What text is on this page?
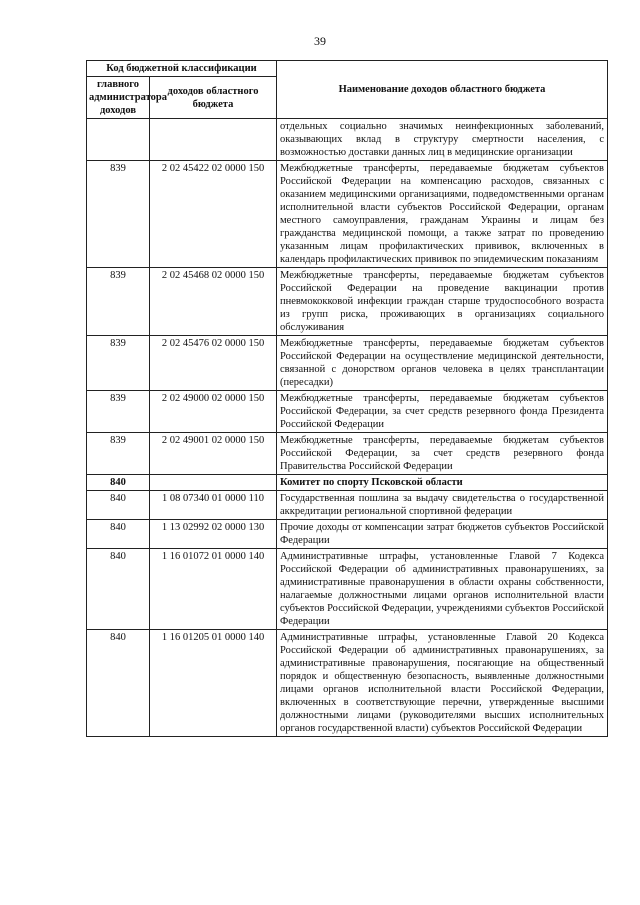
39
Код бюджетной классификации		Наименование доходов областного бюджета
главного администратора доходов	доходов областного бюджета	
		отдельных социально значимых неинфекционных заболеваний, оказывающих вклад в структуру смертности населения, с возможностью доставки данных лиц в медицинские организации
839	2 02 45422 02 0000 150	Межбюджетные трансферты, передаваемые бюджетам субъектов Российской Федерации на компенсацию расходов, связанных с оказанием медицинскими организациями, подведомственными органам исполнительной власти субъектов Российской Федерации, органам местного самоуправления, гражданам Украины и лицам без гражданства медицинской помощи, а также затрат по проведению указанным лицам профилактических прививок, включенных в календарь профилактических прививок по эпидемическим показаниям
839	2 02 45468 02 0000 150	Межбюджетные трансферты, передаваемые бюджетам субъектов Российской Федерации на проведение вакцинации против пневмококковой инфекции граждан старше трудоспособного возраста из групп риска, проживающих в организациях социального обслуживания
839	2 02 45476 02 0000 150	Межбюджетные трансферты, передаваемые бюджетам субъектов Российской Федерации на осуществление медицинской деятельности, связанной с донорством органов человека в целях трансплантации (пересадки)
839	2 02 49000 02 0000 150	Межбюджетные трансферты, передаваемые бюджетам субъектов Российской Федерации, за счет средств резервного фонда Президента Российской Федерации
839	2 02 49001 02 0000 150	Межбюджетные трансферты, передаваемые бюджетам субъектов Российской Федерации, за счет средств резервного фонда Правительства Российской Федерации
840		Комитет по спорту Псковской области
840	1 08 07340 01 0000 110	Государственная пошлина за выдачу свидетельства о государственной аккредитации региональной спортивной федерации
840	1 13 02992 02 0000 130	Прочие доходы от компенсации затрат бюджетов субъектов Российской Федерации
840	1 16 01072 01 0000 140	Административные штрафы, установленные Главой 7 Кодекса Российской Федерации об административных правонарушениях, за административные правонарушения в области охраны собственности, налагаемые должностными лицами органов исполнительной власти субъектов Российской Федерации, учреждениями субъектов Российской Федерации
840	1 16 01205 01 0000 140	Административные штрафы, установленные Главой 20 Кодекса Российской Федерации об административных правонарушениях, за административные правонарушения, посягающие на общественный порядок и общественную безопасность, выявленные должностными лицами органов исполнительной власти Российской Федерации, включенных в соответствующие перечни, утвержденные высшими должностными лицами (руководителями высших исполнительных органов государственной власти) субъектов Российской Федерации
